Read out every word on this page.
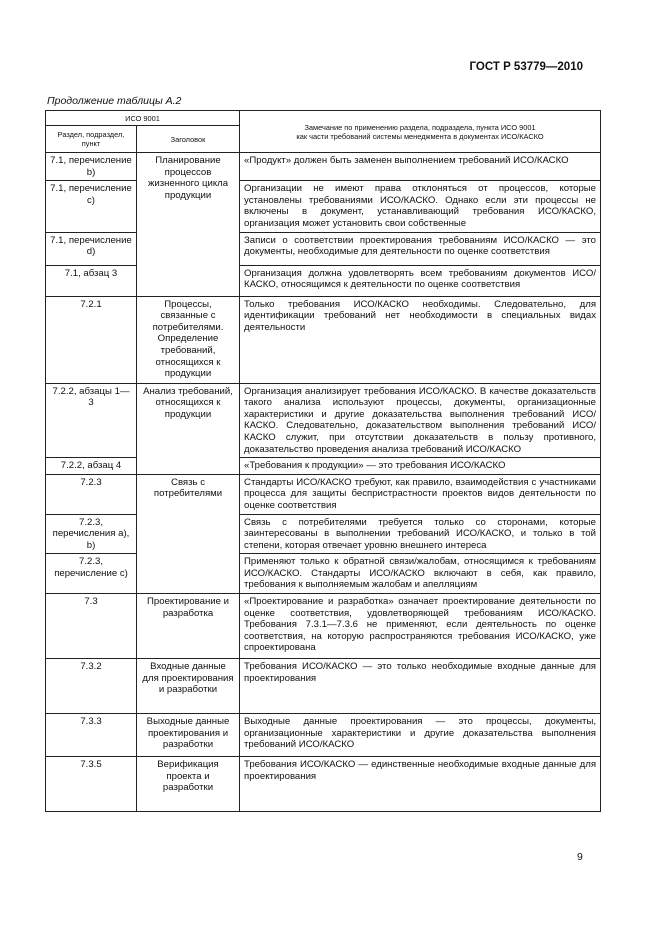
ГОСТ Р 53779—2010
Продолжение таблицы А.2
ИСО 9001		Замечание по применению раздела, подраздела, пункта ИСО 9001
как части требований системы менеджмента в документах ИСО/КАСКО

Раздел, подраздел, пункт	Заголовок	
7.1, перечисление b)	Планирование процессов жизненного цикла продукции	«Продукт» должен быть заменен выполнением требований ИСО/КАСКО
7.1, перечисление c)		Организации не имеют права отклоняться от процессов, которые установлены требованиями ИСО/КАСКО. Однако если эти процессы не включены в документ, устанавливающий требования ИСО/КАСКО, организация может установить свои собственные
7.1, перечисление d)		Записи о соответствии проектирования требованиям ИСО/КАСКО — это документы, необходимые для деятельности по оценке соответствия
7.1, абзац 3		Организация должна удовлетворять всем требованиям документов ИСО/КАСКО, относящимся к деятельности по оценке соответствия
7.2.1	Процессы, связанные с потребителями. Определение требований, относящихся к продукции	Только требования ИСО/КАСКО необходимы. Следовательно, для идентификации требований нет необходимости в специальных видах деятельности
7.2.2, абзацы 1—3	Анализ требований, относящихся к продукции	Организация анализирует требования ИСО/КАСКО. В качестве доказательств такого анализа используют процессы, документы, организационные характеристики и другие доказательства выполнения требований ИСО/КАСКО. Следовательно, доказательством выполнения требований ИСО/КАСКО служит, при отсутствии доказательств в пользу противного, доказательство проведения анализа требований ИСО/КАСКО
7.2.2, абзац 4		«Требования к продукции» — это требования ИСО/КАСКО
7.2.3	Связь с потребителями	Стандарты ИСО/КАСКО требуют, как правило, взаимодействия с участниками процесса для защиты беспристрастности проектов видов деятельности по оценке соответствия
7.2.3, перечисления a), b)		Связь с потребителями требуется только со сторонами, которые заинтересованы в выполнении требований ИСО/КАСКО, и только в той степени, которая отвечает уровню внешнего интереса
7.2.3, перечисление c)		Применяют только к обратной связи/жалобам, относящимся к требованиям ИСО/КАСКО. Стандарты ИСО/КАСКО включают в себя, как правило, требования к выполняемым жалобам и апелляциям
7.3	Проектирование и разработка	«Проектирование и разработка» означает проектирование деятельности по оценке соответствия, удовлетворяющей требованиям ИСО/КАСКО. Требования 7.3.1—7.3.6 не применяют, если деятельность по оценке соответствия, на которую распространяются требования ИСО/КАСКО, уже спроектирована
7.3.2	Входные данные для проектирования и разработки	Требования ИСО/КАСКО — это только необходимые входные данные для проектирования
7.3.3	Выходные данные проектирования и разработки	Выходные данные проектирования — это процессы, документы, организационные характеристики и другие доказательства выполнения требований ИСО/КАСКО
7.3.5	Верификация проекта и разработки	Требования ИСО/КАСКО — единственные необходимые входные данные для проектирования
9
